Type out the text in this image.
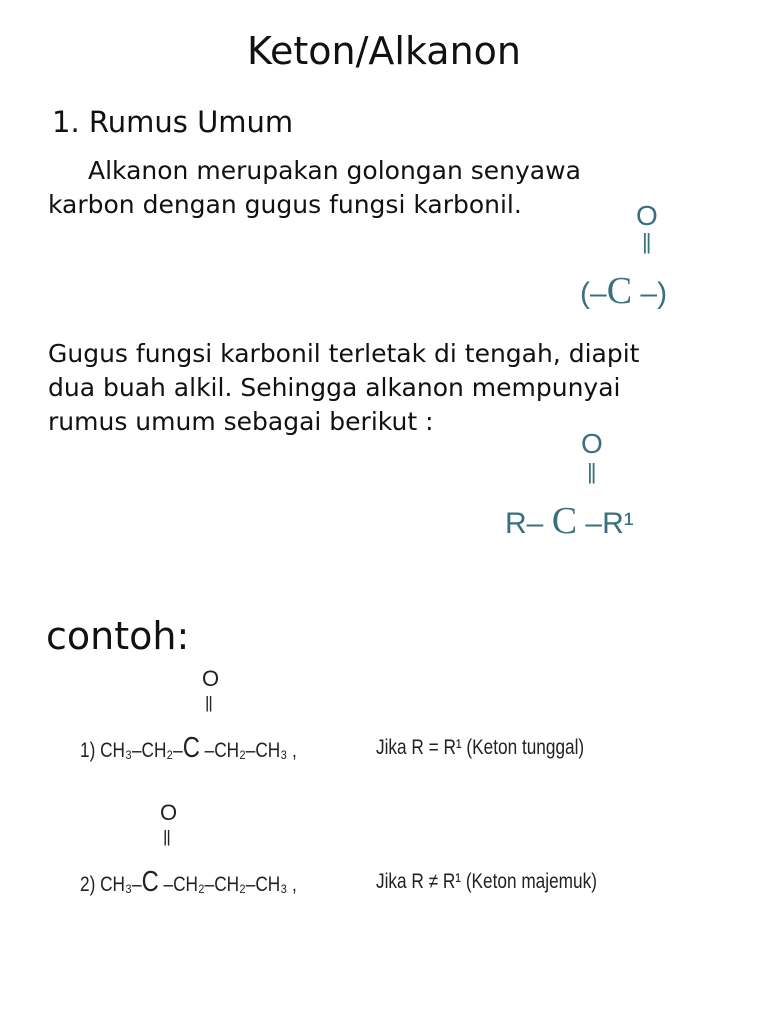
Keton/Alkanon
1. Rumus Umum
Alkanon merupakan golongan senyawa
karbon dengan gugus fungsi karbonil.	O
||
(–C –)
Gugus fungsi karbonil terletak di tengah, diapit
dua buah alkil. Sehingga alkanon mempunyai
rumus umum sebagai berikut :
O
||
R– C –R¹
contoh:
O
||
1) CH₃–CH₂–C –CH₂–CH₃ ,	Jika R = R¹ (Keton tunggal)
O
||
2) CH₃–C –CH₂–CH₂–CH₃ ,	Jika R ≠ R¹ (Keton majemuk)
